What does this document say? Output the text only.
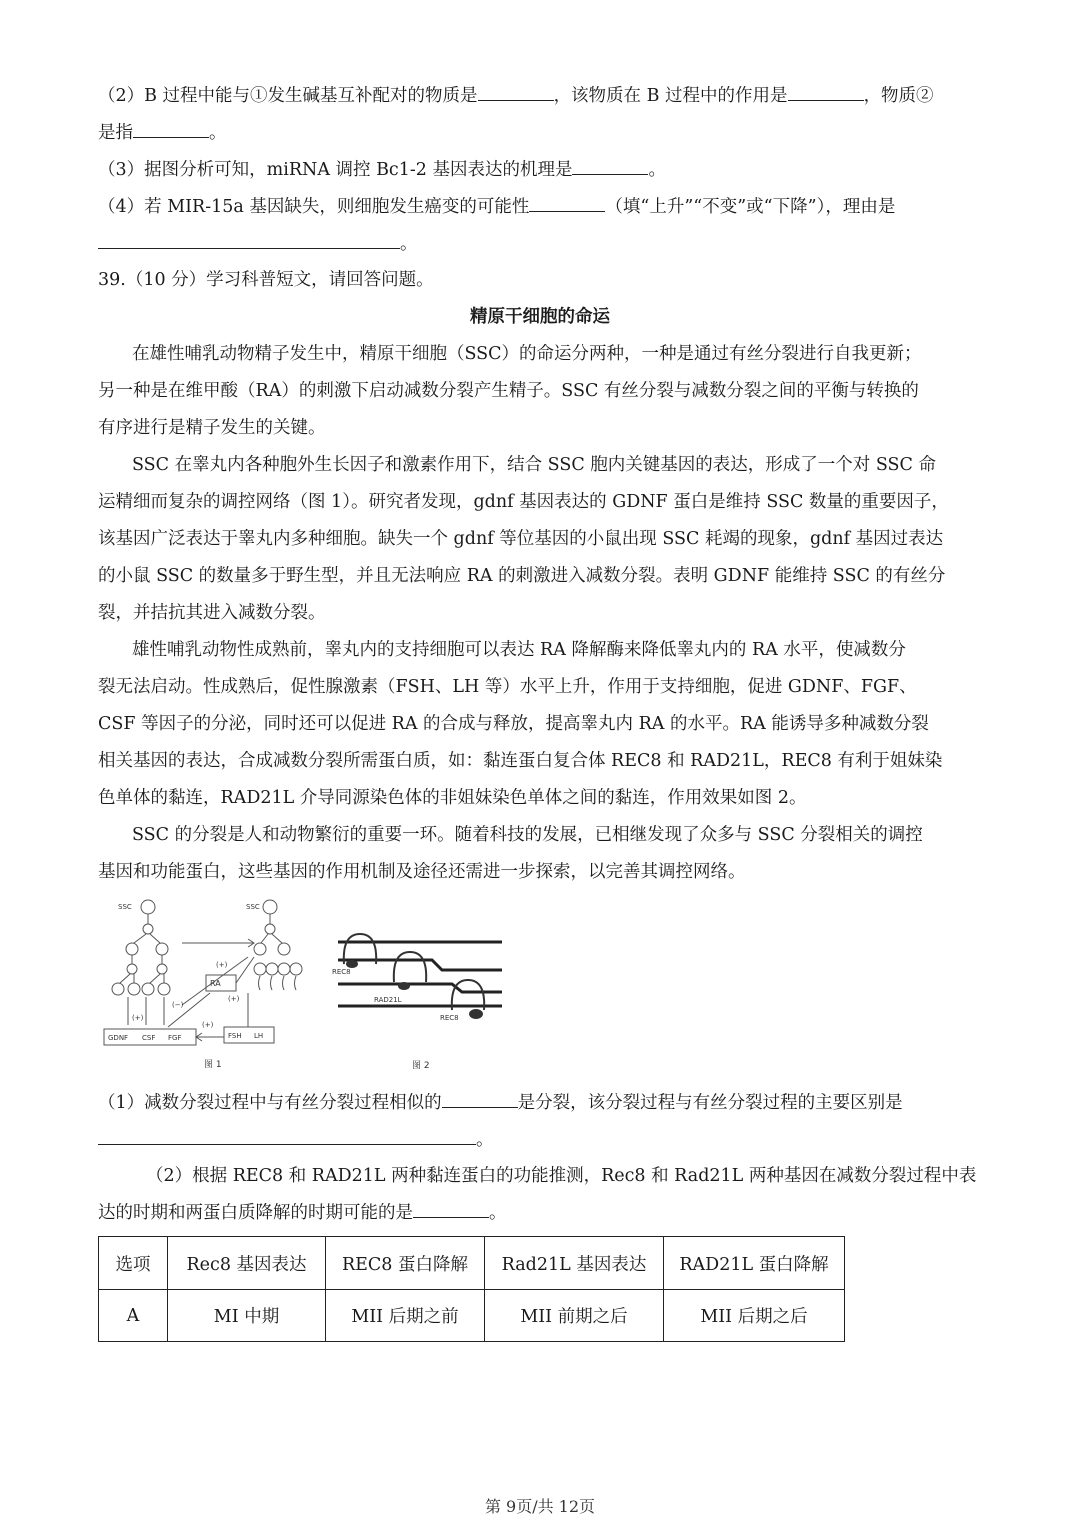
（2）B 过程中能与①发生碱基互补配对的物质是	，该物质在 B 过程中的作用是	，物质②
是指	。
（3）据图分析可知，miRNA 调控 Bc1-2 基因表达的机理是	。
（4）若 MIR-15a 基因缺失，则细胞发生癌变的可能性	（填“上升”“不变”或“下降”），理由是
。
39.（10 分）学习科普短文，请回答问题。
精原干细胞的命运
在雄性哺乳动物精子发生中，精原干细胞（SSC）的命运分两种，一种是通过有丝分裂进行自我更新；
另一种是在维甲酸（RA）的刺激下启动减数分裂产生精子。SSC 有丝分裂与减数分裂之间的平衡与转换的
有序进行是精子发生的关键。
SSC 在睾丸内各种胞外生长因子和激素作用下，结合 SSC 胞内关键基因的表达，形成了一个对 SSC 命
运精细而复杂的调控网络（图 1）。研究者发现，gdnf 基因表达的 GDNF 蛋白是维持 SSC 数量的重要因子，
该基因广泛表达于睾丸内多种细胞。缺失一个 gdnf 等位基因的小鼠出现 SSC 耗竭的现象，gdnf 基因过表达
的小鼠 SSC 的数量多于野生型，并且无法响应 RA 的刺激进入减数分裂。表明 GDNF 能维持 SSC 的有丝分
裂，并拮抗其进入减数分裂。
雄性哺乳动物性成熟前，睾丸内的支持细胞可以表达 RA 降解酶来降低睾丸内的 RA 水平，使减数分
裂无法启动。性成熟后，促性腺激素（FSH、LH 等）水平上升，作用于支持细胞，促进 GDNF、FGF、
CSF 等因子的分泌，同时还可以促进 RA 的合成与释放，提高睾丸内 RA 的水平。RA 能诱导多种减数分裂
相关基因的表达，合成减数分裂所需蛋白质，如：黏连蛋白复合体 REC8 和 RAD21L，REC8 有利于姐妹染
色单体的黏连，RAD21L 介导同源染色体的非姐妹染色单体之间的黏连，作用效果如图 2。
SSC 的分裂是人和动物繁衍的重要一环。随着科技的发展，已相继发现了众多与 SSC 分裂相关的调控
基因和功能蛋白，这些基因的作用机制及途径还需进一步探索，以完善其调控网络。
SSC	SSC
RA
GDNF CSF FGF	FSH LH
(+)
(−)
(+)
(+)
(+)
图 1
REC8
RAD21L
REC8
图 2
（1）减数分裂过程中与有丝分裂过程相似的	是分裂，该分裂过程与有丝分裂过程的主要区别是
。
（2）根据 REC8 和 RAD21L 两种黏连蛋白的功能推测，Rec8 和 Rad21L 两种基因在减数分裂过程中表
达的时期和两蛋白质降解的时期可能的是	。
选项	Rec8 基因表达	REC8 蛋白降解	Rad21L 基因表达	RAD21L 蛋白降解
A	MI 中期	MII 后期之前	MII 前期之后	MII 后期之后
第 9页/共 12页
